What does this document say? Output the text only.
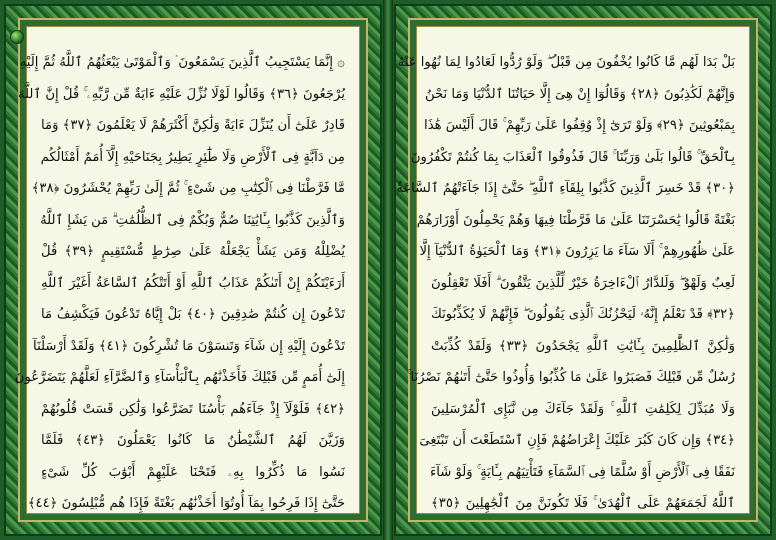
۞ إِنَّمَا يَسْتَجِيبُ ٱلَّذِينَ يَسْمَعُونَ ۘ وَٱلْمَوْتَىٰ يَبْعَثُهُمُ ٱللَّهُ ثُمَّ إِلَيْهِ
يُرْجَعُونَ ﴿٣٦﴾ وَقَالُوا لَوْلَا نُزِّلَ عَلَيْهِ ءَايَةٌ مِّن رَّبِّهِۦ ۚ قُلْ إِنَّ ٱللَّهَ
قَادِرٌ عَلَىٰٓ أَن يُنَزِّلَ ءَايَةً وَلَٰكِنَّ أَكْثَرَهُمْ لَا يَعْلَمُونَ ﴿٣٧﴾ وَمَا
مِن دَآبَّةٍ فِى ٱلْأَرْضِ وَلَا طَٰٓئِرٍ يَطِيرُ بِجَنَاحَيْهِ إِلَّآ أُمَمٌ أَمْثَالُكُم
مَّا فَرَّطْنَا فِى ٱلْكِتَٰبِ مِن شَىْءٍ ۚ ثُمَّ إِلَىٰ رَبِّهِمْ يُحْشَرُونَ ﴿٣٨﴾
وَٱلَّذِينَ كَذَّبُوا بِـَٔايَٰتِنَا صُمٌّ وَبُكْمٌ فِى ٱلظُّلُمَٰتِ ۗ مَن يَشَإِ ٱللَّهُ
يُضْلِلْهُ وَمَن يَشَأْ يَجْعَلْهُ عَلَىٰ صِرَٰطٍ مُّسْتَقِيمٍ ﴿٣٩﴾ قُلْ
أَرَءَيْتَكُمْ إِنْ أَتَىٰكُمْ عَذَابُ ٱللَّهِ أَوْ أَتَتْكُمُ ٱلسَّاعَةُ أَغَيْرَ ٱللَّهِ
تَدْعُونَ إِن كُنتُمْ صَٰدِقِينَ ﴿٤٠﴾ بَلْ إِيَّاهُ تَدْعُونَ فَيَكْشِفُ مَا
تَدْعُونَ إِلَيْهِ إِن شَآءَ وَتَنسَوْنَ مَا تُشْرِكُونَ ﴿٤١﴾ وَلَقَدْ أَرْسَلْنَآ
إِلَىٰٓ أُمَمٍ مِّن قَبْلِكَ فَأَخَذْنَٰهُم بِٱلْبَأْسَآءِ وَٱلضَّرَّآءِ لَعَلَّهُمْ يَتَضَرَّعُونَ
﴿٤٢﴾ فَلَوْلَآ إِذْ جَآءَهُم بَأْسُنَا تَضَرَّعُوا وَلَٰكِن قَسَتْ قُلُوبُهُمْ
وَزَيَّنَ لَهُمُ ٱلشَّيْطَٰنُ مَا كَانُوا يَعْمَلُونَ ﴿٤٣﴾ فَلَمَّا
نَسُوا مَا ذُكِّرُوا بِهِۦ فَتَحْنَا عَلَيْهِمْ أَبْوَٰبَ كُلِّ شَىْءٍ
حَتَّىٰٓ إِذَا فَرِحُوا بِمَآ أُوتُوٓا أَخَذْنَٰهُم بَغْتَةً فَإِذَا هُم مُّبْلِسُونَ ﴿٤٤﴾
بَلْ بَدَا لَهُم مَّا كَانُوا يُخْفُونَ مِن قَبْلُ ۖ وَلَوْ رُدُّوا لَعَادُوا لِمَا نُهُوا عَنْهُ
وَإِنَّهُمْ لَكَٰذِبُونَ ﴿٢٨﴾ وَقَالُوٓا إِنْ هِىَ إِلَّا حَيَاتُنَا ٱلدُّنْيَا وَمَا نَحْنُ
بِمَبْعُوثِينَ ﴿٢٩﴾ وَلَوْ تَرَىٰٓ إِذْ وُقِفُوا عَلَىٰ رَبِّهِمْ ۚ قَالَ أَلَيْسَ هَٰذَا
بِٱلْحَقِّ ۚ قَالُوا بَلَىٰ وَرَبِّنَا ۚ قَالَ فَذُوقُوا ٱلْعَذَابَ بِمَا كُنتُمْ تَكْفُرُونَ
﴿٣٠﴾ قَدْ خَسِرَ ٱلَّذِينَ كَذَّبُوا بِلِقَآءِ ٱللَّهِ ۖ حَتَّىٰٓ إِذَا جَآءَتْهُمُ ٱلسَّاعَةُ
بَغْتَةً قَالُوا يَٰحَسْرَتَنَا عَلَىٰ مَا فَرَّطْنَا فِيهَا وَهُمْ يَحْمِلُونَ أَوْزَارَهُمْ
عَلَىٰ ظُهُورِهِمْ ۚ أَلَا سَآءَ مَا يَزِرُونَ ﴿٣١﴾ وَمَا ٱلْحَيَوٰةُ ٱلدُّنْيَآ إِلَّا
لَعِبٌ وَلَهْوٌ ۖ وَلَلدَّارُ ٱلْءَاخِرَةُ خَيْرٌ لِّلَّذِينَ يَتَّقُونَ ۗ أَفَلَا تَعْقِلُونَ
﴿٣٢﴾ قَدْ نَعْلَمُ إِنَّهُۥ لَيَحْزُنُكَ ٱلَّذِى يَقُولُونَ ۖ فَإِنَّهُمْ لَا يُكَذِّبُونَكَ
وَلَٰكِنَّ ٱلظَّٰلِمِينَ بِـَٔايَٰتِ ٱللَّهِ يَجْحَدُونَ ﴿٣٣﴾ وَلَقَدْ كُذِّبَتْ
رُسُلٌ مِّن قَبْلِكَ فَصَبَرُوا عَلَىٰ مَا كُذِّبُوا وَأُوذُوا حَتَّىٰٓ أَتَىٰهُمْ نَصْرُنَا ۚ
وَلَا مُبَدِّلَ لِكَلِمَٰتِ ٱللَّهِ ۚ وَلَقَدْ جَآءَكَ مِن نَّبَإِى ٱلْمُرْسَلِينَ
﴿٣٤﴾ وَإِن كَانَ كَبُرَ عَلَيْكَ إِعْرَاضُهُمْ فَإِنِ ٱسْتَطَعْتَ أَن تَبْتَغِىَ
نَفَقًا فِى ٱلْأَرْضِ أَوْ سُلَّمًا فِى ٱلسَّمَآءِ فَتَأْتِيَهُم بِـَٔايَةٍ ۚ وَلَوْ شَآءَ
ٱللَّهُ لَجَمَعَهُمْ عَلَى ٱلْهُدَىٰ ۚ فَلَا تَكُونَنَّ مِنَ ٱلْجَٰهِلِينَ ﴿٣٥﴾
